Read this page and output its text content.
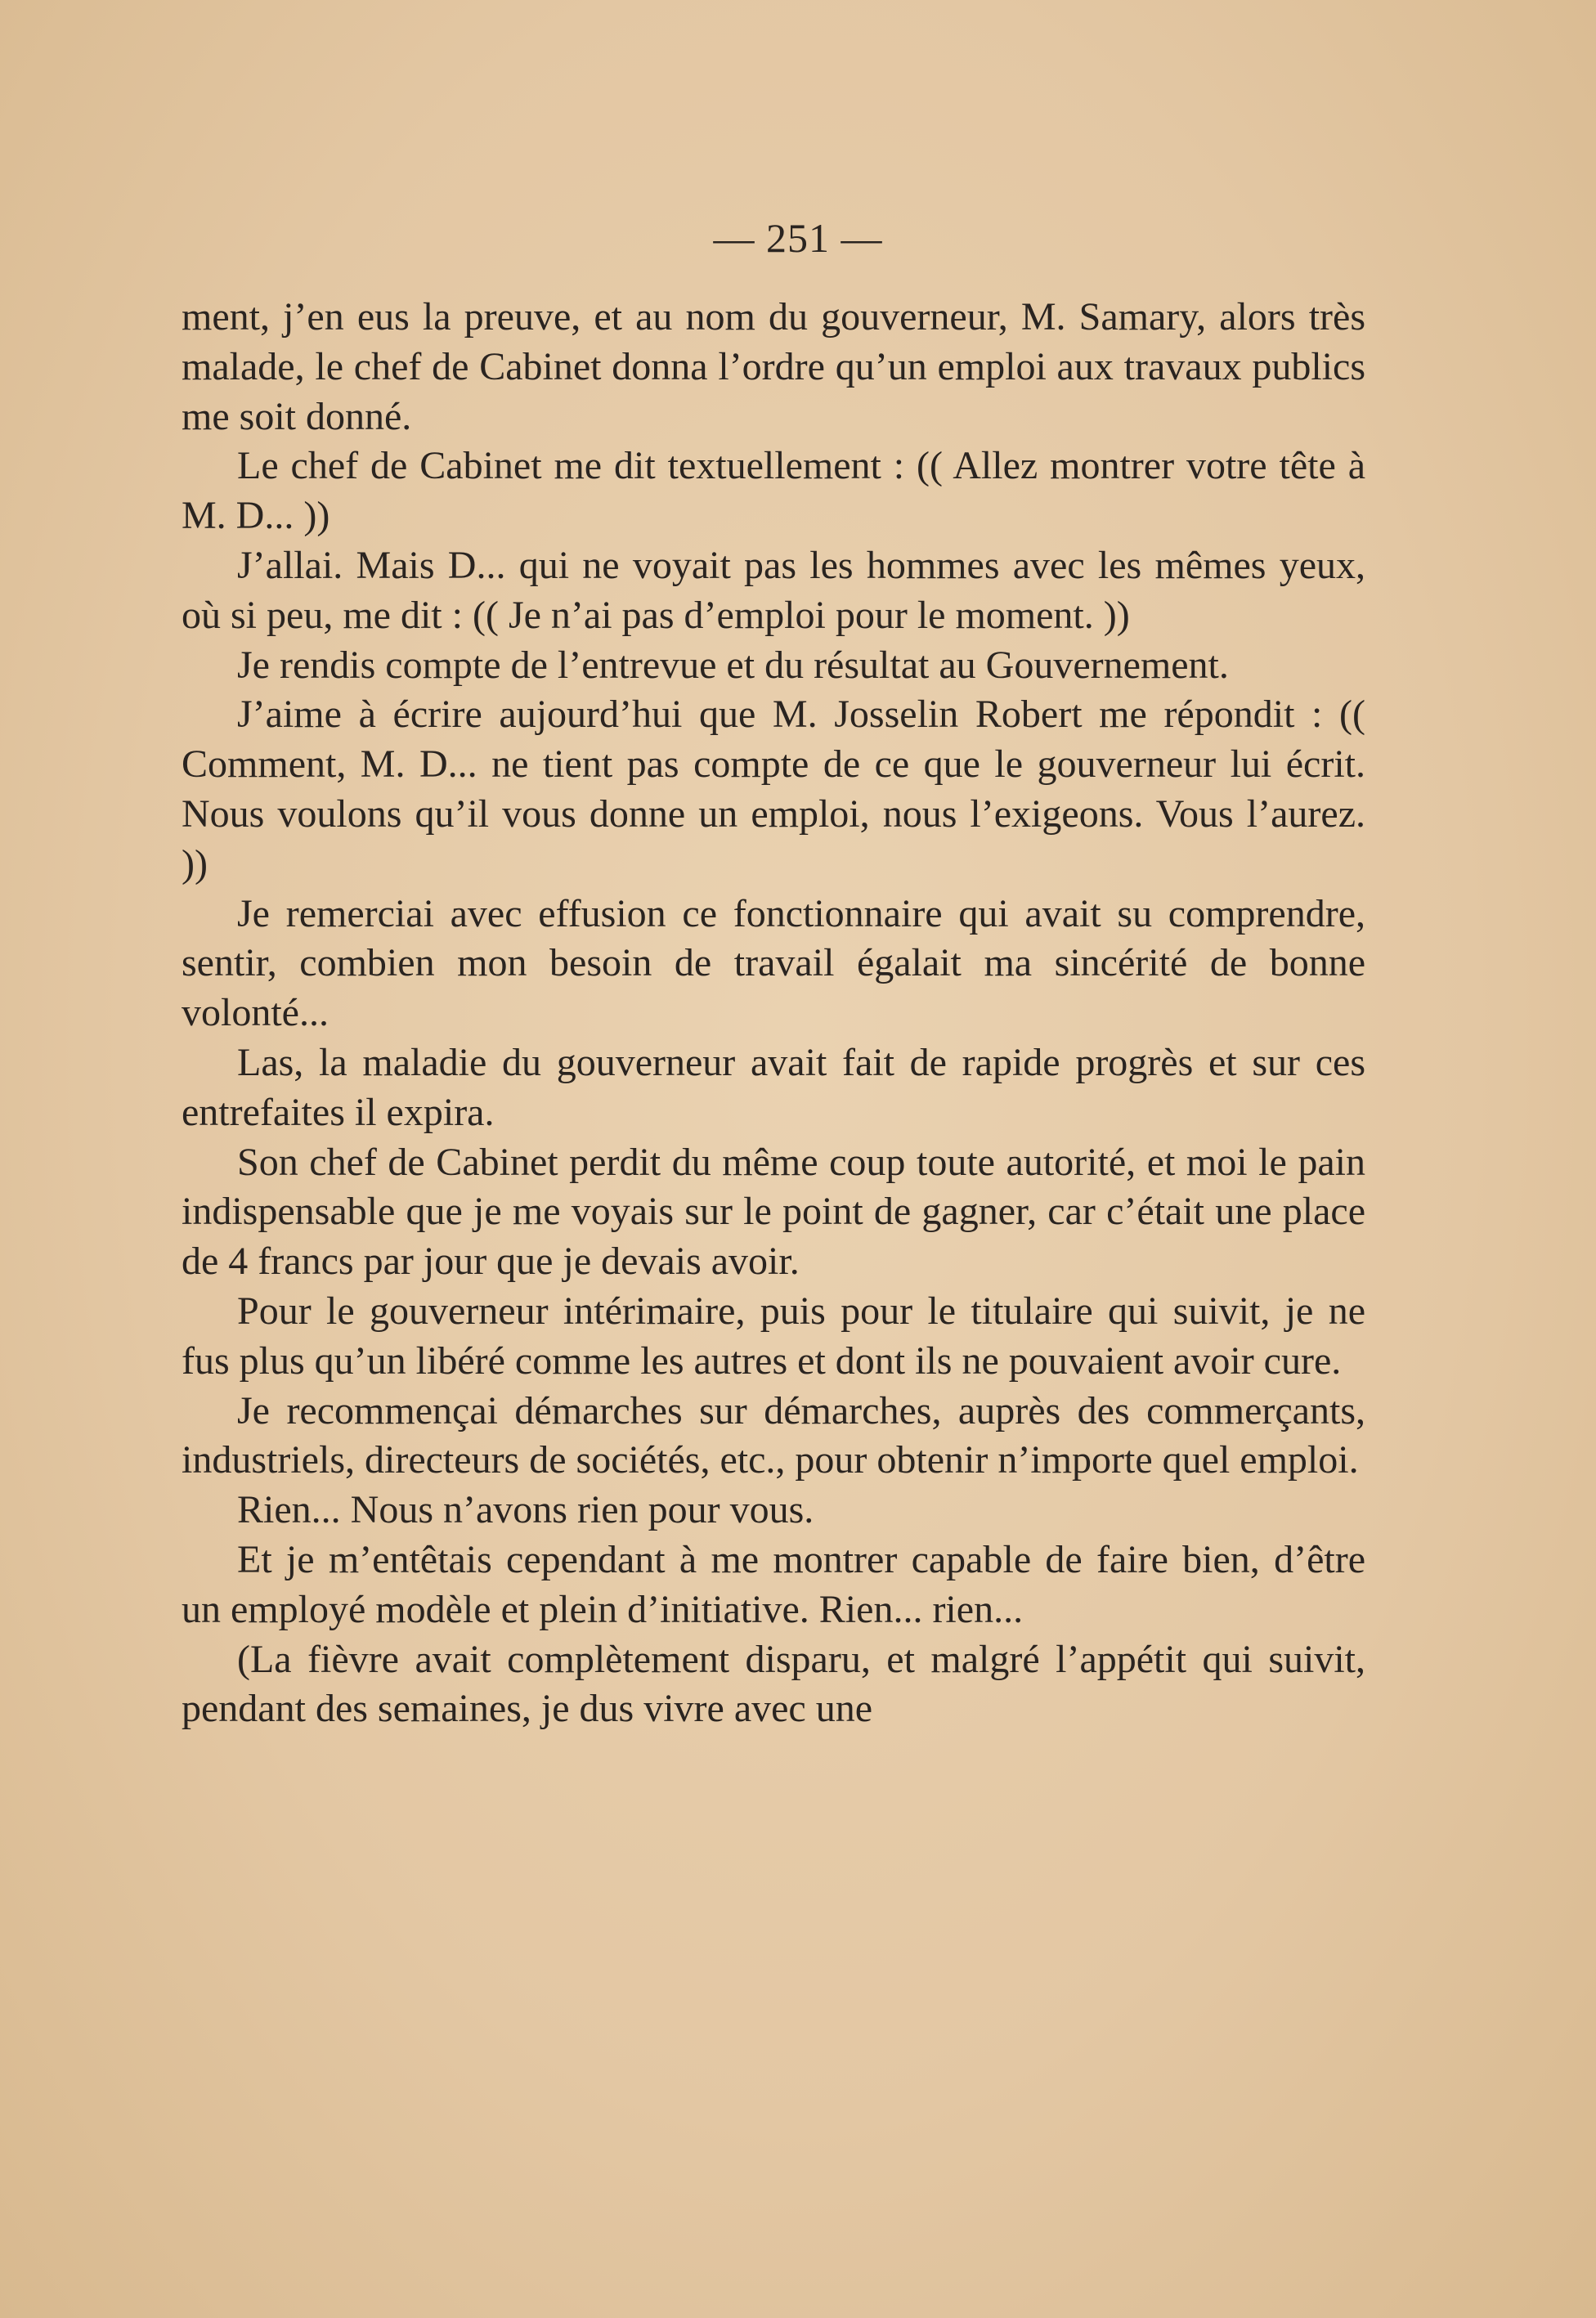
— 251 —

ment, j’en eus la preuve, et au nom du gouverneur, M. Samary, alors très malade, le chef de Cabinet donna l’ordre qu’un emploi aux travaux publics me soit donné.

Le chef de Cabinet me dit textuellement : (( Allez montrer votre tête à M. D... ))

J’allai. Mais D... qui ne voyait pas les hommes avec les mêmes yeux, où si peu, me dit : (( Je n’ai pas d’emploi pour le moment. ))

Je rendis compte de l’entrevue et du résultat au Gouvernement.

J’aime à écrire aujourd’hui que M. Josselin Robert me répondit : (( Comment, M. D... ne tient pas compte de ce que le gouverneur lui écrit. Nous voulons qu’il vous donne un emploi, nous l’exigeons. Vous l’aurez. ))

Je remerciai avec effusion ce fonctionnaire qui avait su comprendre, sentir, combien mon besoin de travail égalait ma sincérité de bonne volonté...

Las, la maladie du gouverneur avait fait de rapide progrès et sur ces entrefaites il expira.

Son chef de Cabinet perdit du même coup toute autorité, et moi le pain indispensable que je me voyais sur le point de gagner, car c’était une place de 4 francs par jour que je devais avoir.

Pour le gouverneur intérimaire, puis pour le titulaire qui suivit, je ne fus plus qu’un libéré comme les autres et dont ils ne pouvaient avoir cure.

Je recommençai démarches sur démarches, auprès des commerçants, industriels, directeurs de sociétés, etc., pour obtenir n’importe quel emploi.

Rien... Nous n’avons rien pour vous.

Et je m’entêtais cependant à me montrer capable de faire bien, d’être un employé modèle et plein d’initiative. Rien... rien...

(La fièvre avait complètement disparu, et malgré l’appétit qui suivit, pendant des semaines, je dus vivre avec une
